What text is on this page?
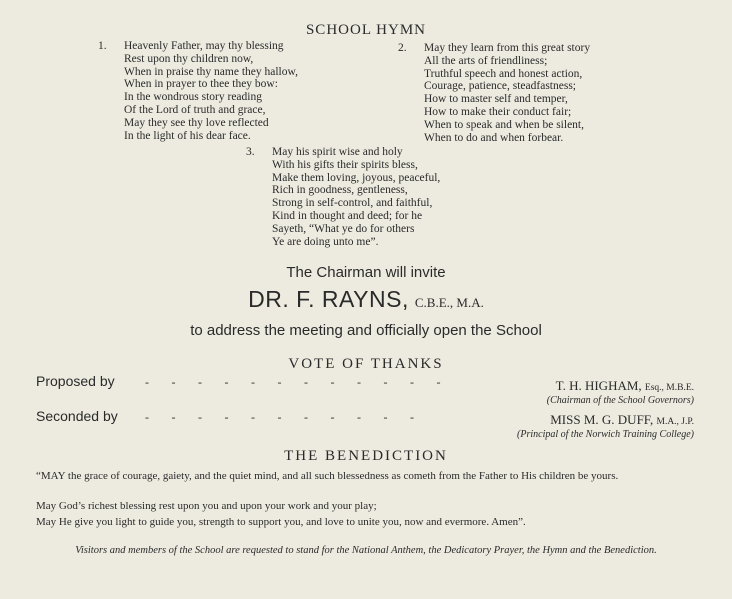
SCHOOL HYMN
1. Heavenly Father, may thy blessing
Rest upon thy children now,
When in praise thy name they hallow,
When in prayer to thee they bow:
In the wondrous story reading
Of the Lord of truth and grace,
May they see thy love reflected
In the light of his dear face.
2. May they learn from this great story
All the arts of friendliness;
Truthful speech and honest action,
Courage, patience, steadfastness;
How to master self and temper,
How to make their conduct fair;
When to speak and when be silent,
When to do and when forbear.
3. May his spirit wise and holy
With his gifts their spirits bless,
Make them loving, joyous, peaceful,
Rich in goodness, gentleness,
Strong in self-control, and faithful,
Kind in thought and deed; for he
Sayeth, “What ye do for others
Ye are doing unto me”.
The Chairman will invite
DR. F. RAYNS, C.B.E., M.A.
to address the meeting and officially open the School
VOTE OF THANKS
Proposed by	- - - - - - - - - - - -	T. H. HIGHAM, Esq., M.B.E.
(Chairman of the School Governors)
Seconded by - - - - - - - - - - -	MISS M. G. DUFF, M.A., J.P.
(Principal of the Norwich Training College)
THE BENEDICTION
“MAY the grace of courage, gaiety, and the quiet mind, and all such blessedness as cometh from the Father to His children be yours.
May God’s richest blessing rest upon you and upon your work and your play;
May He give you light to guide you, strength to support you, and love to unite you, now and evermore. Amen”.
Visitors and members of the School are requested to stand for the National Anthem, the Dedicatory Prayer, the Hymn and the Benediction.
